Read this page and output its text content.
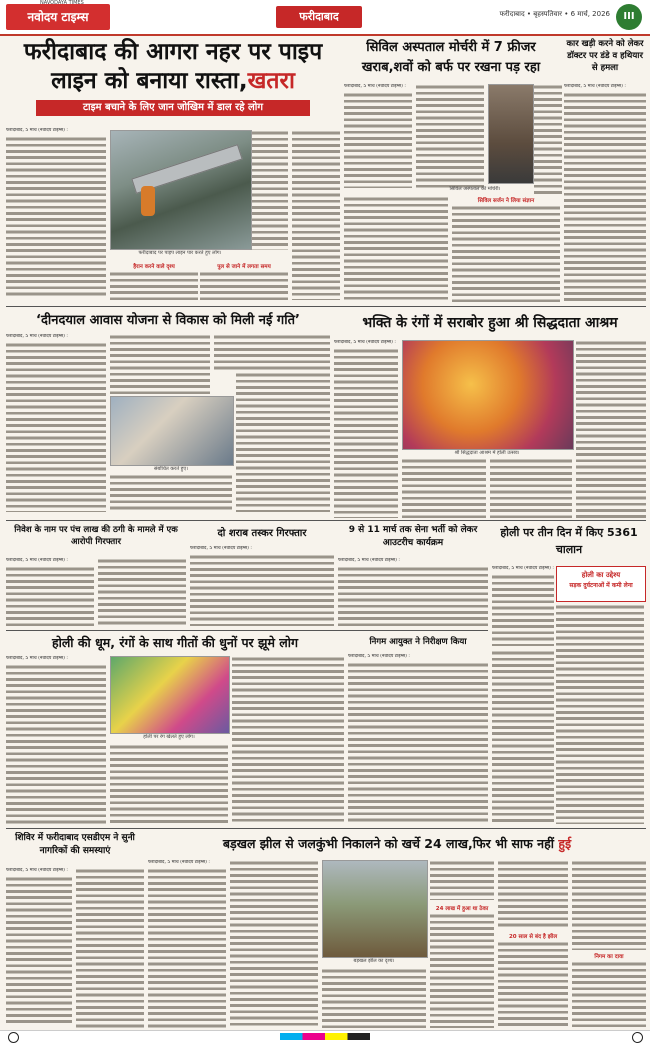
नवोदय टाइम्स
NAVODAYA TIMES
फरीदाबाद	फरीदाबाद • बृहस्पतिवार • 6 मार्च, 2026	III
फरीदाबाद की आगरा नहर पर पाइप
लाइन को बनाया रास्ता,खतरा
टाइम बचाने के लिए जान जोखिम में डाल रहे लोग

फरीदाबाद, 5 मार्च (नवोदय टाइम्स) :

फरीदाबाद पर पाइप लाइन पार करते हुए लोग।
हैरान करने वाले दृश्य	पुल से जाने में लगता समय
सिविल अस्पताल मोर्चरी में 7 फ्रीजर
खराब,शवों को बर्फ पर रखना पड़ रहा

फरीदाबाद, 5 मार्च (नवोदय टाइम्स) :

सिविल अस्पताल की मोर्चरी।
सिविल सर्जन ने लिया संज्ञान
कार खड़ी करने को लेकर डॉक्टर पर डंडे व हथियार से हमला

फरीदाबाद, 5 मार्च (नवोदय टाइम्स) :

‘दीनदयाल आवास योजना से विकास को मिली नई गति’

फरीदाबाद, 5 मार्च (नवोदय टाइम्स) :

संबोधित करते हुए।
भक्ति के रंगों में सराबोर हुआ श्री सिद्धदाता आश्रम

फरीदाबाद, 5 मार्च (नवोदय टाइम्स) :

श्री सिद्धदाता आश्रम में होली उत्सव।
निवेश के नाम पर पंच लाख की ठगी के मामले में एक आरोपी गिरफ्तार

फरीदाबाद, 5 मार्च (नवोदय टाइम्स) :

दो शराब तस्कर गिरफ्तार

फरीदाबाद, 5 मार्च (नवोदय टाइम्स) :

9 से 11 मार्च तक सेना भर्ती को लेकर आउटरीच कार्यक्रम

फरीदाबाद, 5 मार्च (नवोदय टाइम्स) :

होली पर तीन दिन में किए 5361 चालान

फरीदाबाद, 5 मार्च (नवोदय टाइम्स) :

होली का उद्देश्य
सड़क दुर्घटनाओं में कमी लेना
होली की धूम, रंगों के साथ गीतों की धुनों पर झूमे लोग

फरीदाबाद, 5 मार्च (नवोदय टाइम्स) :

होली पर रंग खेलते हुए लोग।
निगम आयुक्त ने निरीक्षण किया

फरीदाबाद, 5 मार्च (नवोदय टाइम्स) :

शिविर में फरीदाबाद एसडीएम ने सुनी नागरिकों की समस्याएं

फरीदाबाद, 5 मार्च (नवोदय टाइम्स) :

बड़खल झील से जलकुंभी निकालने को खर्चे 24 लाख,फिर भी साफ नहीं हुई

फरीदाबाद, 5 मार्च (नवोदय टाइम्स) :

बड़खल झील का दृश्य।
24 लाख में हुआ था ठेका
20 साल से बंद है झील
निगम का दावा
